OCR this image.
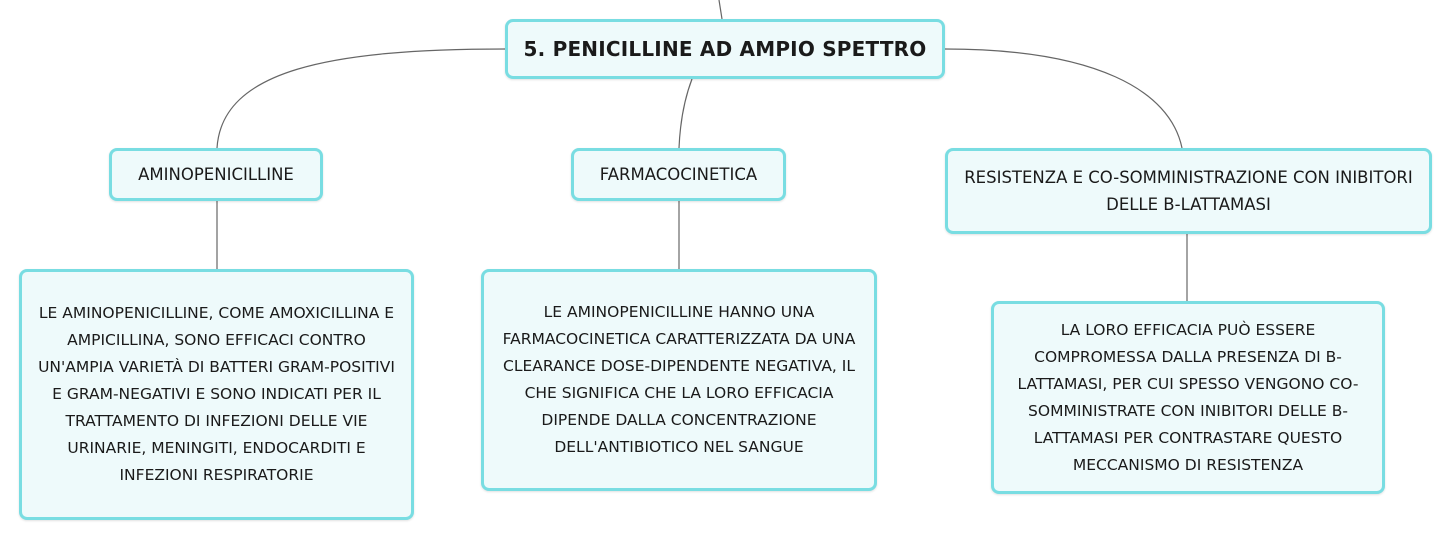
5. PENICILLINE AD AMPIO SPETTRO
AMINOPENICILLINE	FARMACOCINETICA	RESISTENZA E CO-SOMMINISTRAZIONE CON INIBITORI DELLE Β-LATTAMASI
LE AMINOPENICILLINE, COME AMOXICILLINA E AMPICILLINA, SONO EFFICACI CONTRO UN'AMPIA VARIETÀ DI BATTERI GRAM-POSITIVI E GRAM-NEGATIVI E SONO INDICATI PER IL TRATTAMENTO DI INFEZIONI DELLE VIE URINARIE, MENINGITI, ENDOCARDITI E INFEZIONI RESPIRATORIE
LE AMINOPENICILLINE HANNO UNA FARMACOCINETICA CARATTERIZZATA DA UNA CLEARANCE DOSE-DIPENDENTE NEGATIVA, IL CHE SIGNIFICA CHE LA LORO EFFICACIA DIPENDE DALLA CONCENTRAZIONE DELL'ANTIBIOTICO NEL SANGUE
LA LORO EFFICACIA PUÒ ESSERE COMPROMESSA DALLA PRESENZA DI Β-LATTAMASI, PER CUI SPESSO VENGONO CO-SOMMINISTRATE CON INIBITORI DELLE Β-LATTAMASI PER CONTRASTARE QUESTO MECCANISMO DI RESISTENZA
